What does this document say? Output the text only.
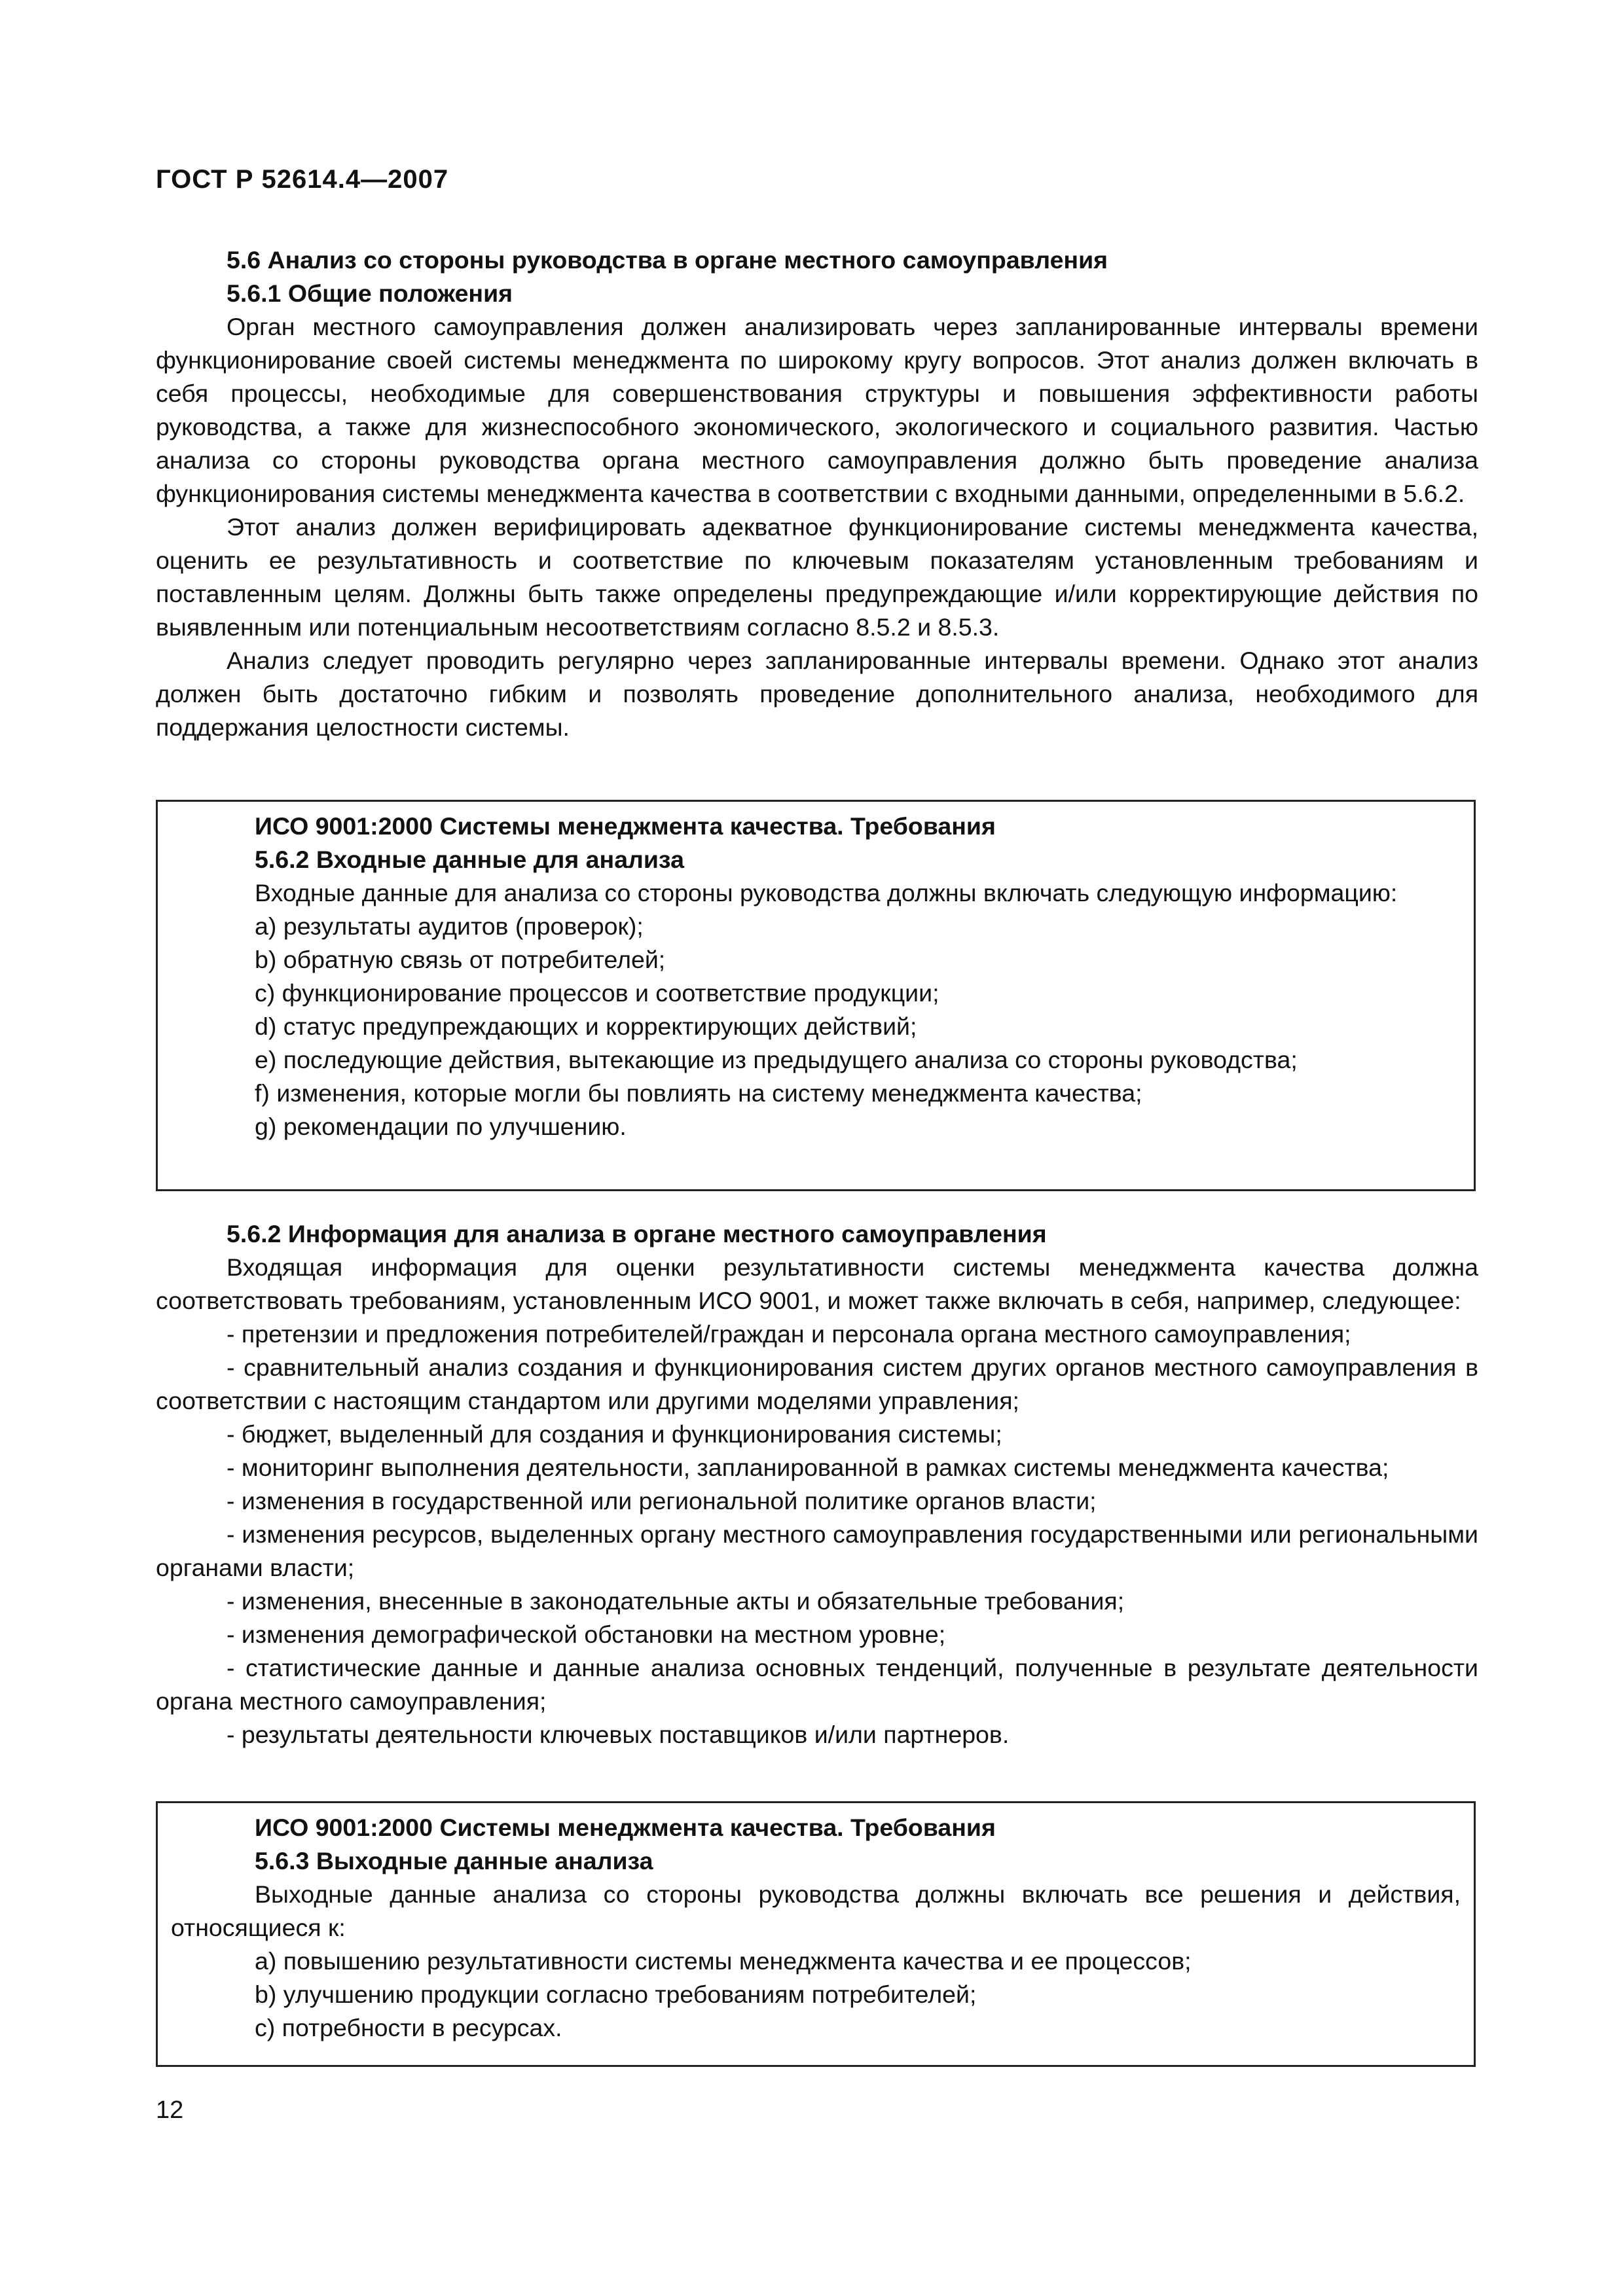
ГОСТ Р 52614.4—2007

5.6 Анализ со стороны руководства в органе местного самоуправления

5.6.1 Общие положения

Орган местного самоуправления должен анализировать через запланированные интервалы времени функционирование своей системы менеджмента по широкому кругу вопросов. Этот анализ должен включать в себя процессы, необходимые для совершенствования структуры и повышения эффективности работы руководства, а также для жизнеспособного экономического, экологического и социального развития. Частью анализа со стороны руководства органа местного самоуправления должно быть проведение анализа функционирования системы менеджмента качества в соответствии с входными данными, определенными в 5.6.2.

Этот анализ должен верифицировать адекватное функционирование системы менеджмента качества, оценить ее результативность и соответствие по ключевым показателям установленным требованиям и поставленным целям. Должны быть также определены предупреждающие и/или корректирующие действия по выявленным или потенциальным несоответствиям согласно 8.5.2 и 8.5.3.

Анализ следует проводить регулярно через запланированные интервалы времени. Однако этот анализ должен быть достаточно гибким и позволять проведение дополнительного анализа, необходимого для поддержания целостности системы.

ИСО 9001:2000 Системы менеджмента качества. Требования

5.6.2 Входные данные для анализа

Входные данные для анализа со стороны руководства должны включать следующую информацию:

a) результаты аудитов (проверок);

b) обратную связь от потребителей;

c) функционирование процессов и соответствие продукции;

d) статус предупреждающих и корректирующих действий;

e) последующие действия, вытекающие из предыдущего анализа со стороны руководства;

f) изменения, которые могли бы повлиять на систему менеджмента качества;

g) рекомендации по улучшению.

5.6.2 Информация для анализа в органе местного самоуправления

Входящая информация для оценки результативности системы менеджмента качества должна соответствовать требованиям, установленным ИСО 9001, и может также включать в себя, например, следующее:

- претензии и предложения потребителей/граждан и персонала органа местного самоуправления;

- сравнительный анализ создания и функционирования систем других органов местного самоуправления в соответствии с настоящим стандартом или другими моделями управления;

- бюджет, выделенный для создания и функционирования системы;

- мониторинг выполнения деятельности, запланированной в рамках системы менеджмента качества;

- изменения в государственной или региональной политике органов власти;

- изменения ресурсов, выделенных органу местного самоуправления государственными или региональными органами власти;

- изменения, внесенные в законодательные акты и обязательные требования;

- изменения демографической обстановки на местном уровне;

- статистические данные и данные анализа основных тенденций, полученные в результате деятельности органа местного самоуправления;

- результаты деятельности ключевых поставщиков и/или партнеров.

ИСО 9001:2000 Системы менеджмента качества. Требования

5.6.3 Выходные данные анализа

Выходные данные анализа со стороны руководства должны включать все решения и действия, относящиеся к:

a) повышению результативности системы менеджмента качества и ее процессов;

b) улучшению продукции согласно требованиям потребителей;

c) потребности в ресурсах.

12
